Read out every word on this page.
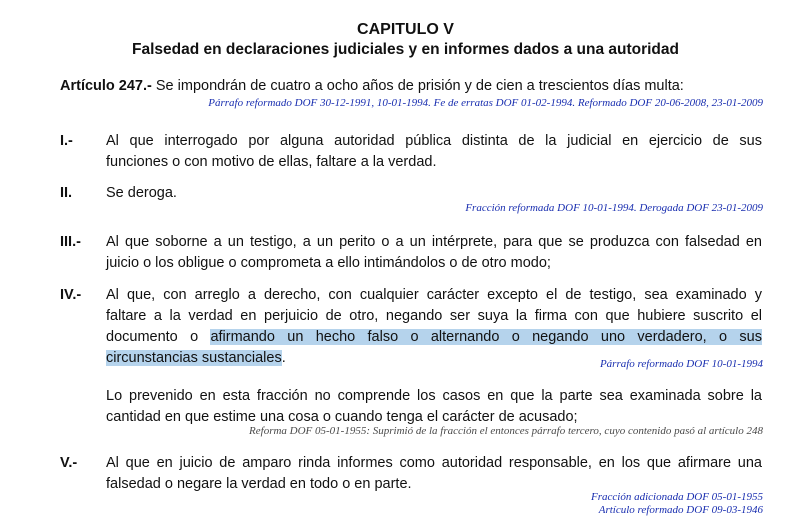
CAPITULO V
Falsedad en declaraciones judiciales y en informes dados a una autoridad
Artículo 247.- Se impondrán de cuatro a ocho años de prisión y de cien a trescientos días multa:
Párrafo reformado DOF 30-12-1991, 10-01-1994. Fe de erratas DOF 01-02-1994. Reformado DOF 20-06-2008, 23-01-2009
I.- Al que interrogado por alguna autoridad pública distinta de la judicial en ejercicio de sus
funciones o con motivo de ellas, faltare a la verdad.
II. Se deroga.
Fracción reformada DOF 10-01-1994. Derogada DOF 23-01-2009
III.- Al que soborne a un testigo, a un perito o a un intérprete, para que se produzca con falsedad en
juicio o los obligue o comprometa a ello intimándolos o de otro modo;
IV.- Al que, con arreglo a derecho, con cualquier carácter excepto el de testigo, sea examinado y
faltare a la verdad en perjuicio de otro, negando ser suya la firma con que hubiere suscrito el
documento o afirmando un hecho falso o alternando o negando uno verdadero, o sus
circunstancias sustanciales.	Párrafo reformado DOF 10-01-1994
Lo prevenido en esta fracción no comprende los casos en que la parte sea examinada sobre la
cantidad en que estime una cosa o cuando tenga el carácter de acusado;
Reforma DOF 05-01-1955: Suprimió de la fracción el entonces párrafo tercero, cuyo contenido pasó al artículo 248
V.- Al que en juicio de amparo rinda informes como autoridad responsable, en los que afirmare una
falsedad o negare la verdad en todo o en parte.
Fracción adicionada DOF 05-01-1955
Artículo reformado DOF 09-03-1946
